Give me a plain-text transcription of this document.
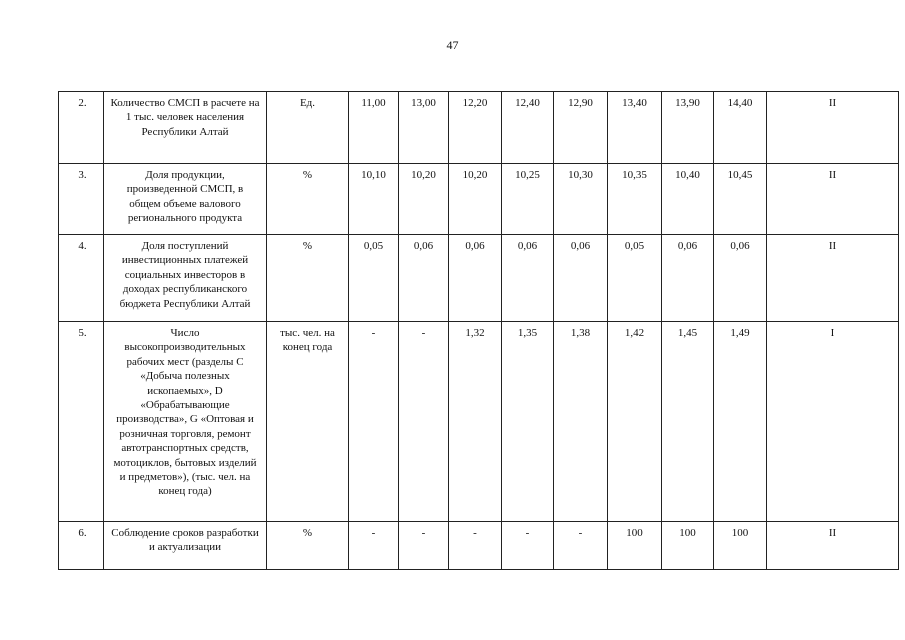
47
2.	Количество СМСП в расчете на 1 тыс. человек населения Республики Алтай	Ед.	11,00	13,00	12,20	12,40	12,90	13,40	13,90	14,40	II
3.	Доля продукции, произведенной СМСП, в общем объеме валового регионального продукта	%	10,10	10,20	10,20	10,25	10,30	10,35	10,40	10,45	II
4.	Доля поступлений инвестиционных платежей социальных инвесторов в доходах республиканского бюджета Республики Алтай	%	0,05	0,06	0,06	0,06	0,06	0,05	0,06	0,06	II
5.	Число высокопроизводительных рабочих мест (разделы C «Добыча полезных ископаемых», D «Обрабатывающие производства», G «Оптовая и розничная торговля, ремонт автотранспортных средств, мотоциклов, бытовых изделий и предметов»), (тыс. чел. на конец года)	тыс. чел. на конец года	-	-	1,32	1,35	1,38	1,42	1,45	1,49	I
6.	Соблюдение сроков разработки и актуализации	%	-	-	-	-	-	100	100	100	II
